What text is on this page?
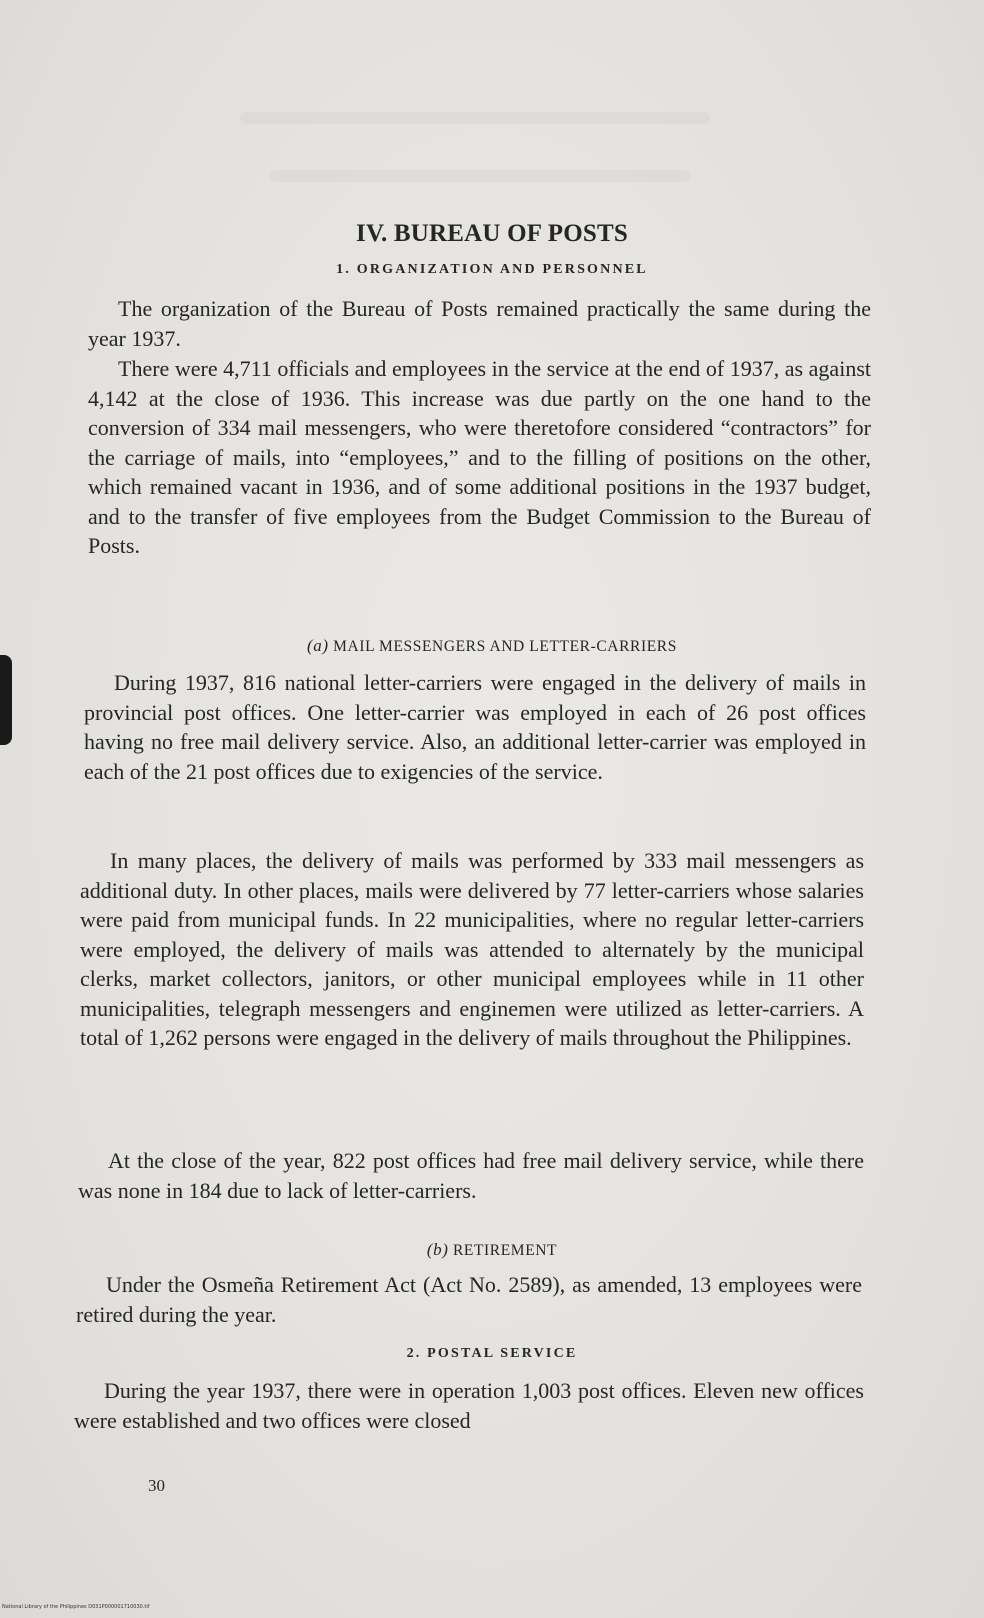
IV. BUREAU OF POSTS
1. ORGANIZATION AND PERSONNEL

The organization of the Bureau of Posts remained practically the same during the year 1937.

There were 4,711 officials and employees in the service at the end of 1937, as against 4,142 at the close of 1936. This increase was due partly on the one hand to the conversion of 334 mail messengers, who were theretofore considered “contractors” for the carriage of mails, into “employees,” and to the filling of positions on the other, which remained vacant in 1936, and of some additional positions in the 1937 budget, and to the transfer of five employees from the Budget Commission to the Bureau of Posts.

(a) MAIL MESSENGERS AND LETTER-CARRIERS

During 1937, 816 national letter-carriers were engaged in the delivery of mails in provincial post offices. One letter-carrier was employed in each of 26 post offices having no free mail delivery service. Also, an additional letter-carrier was employed in each of the 21 post offices due to exigencies of the service.

In many places, the delivery of mails was performed by 333 mail messengers as additional duty. In other places, mails were delivered by 77 letter-carriers whose salaries were paid from municipal funds. In 22 municipalities, where no regular letter-carriers were employed, the delivery of mails was attended to alternately by the municipal clerks, market collectors, janitors, or other municipal employees while in 11 other municipalities, telegraph messengers and enginemen were utilized as letter-carriers. A total of 1,262 persons were engaged in the delivery of mails throughout the Philippines.

At the close of the year, 822 post offices had free mail delivery service, while there was none in 184 due to lack of letter-carriers.

(b) RETIREMENT

Under the Osmeña Retirement Act (Act No. 2589), as amended, 13 employees were retired during the year.

2. POSTAL SERVICE

During the year 1937, there were in operation 1,003 post offices. Eleven new offices were established and two offices were closed

30
National Library of the Philippines D031P000001710030.tif
